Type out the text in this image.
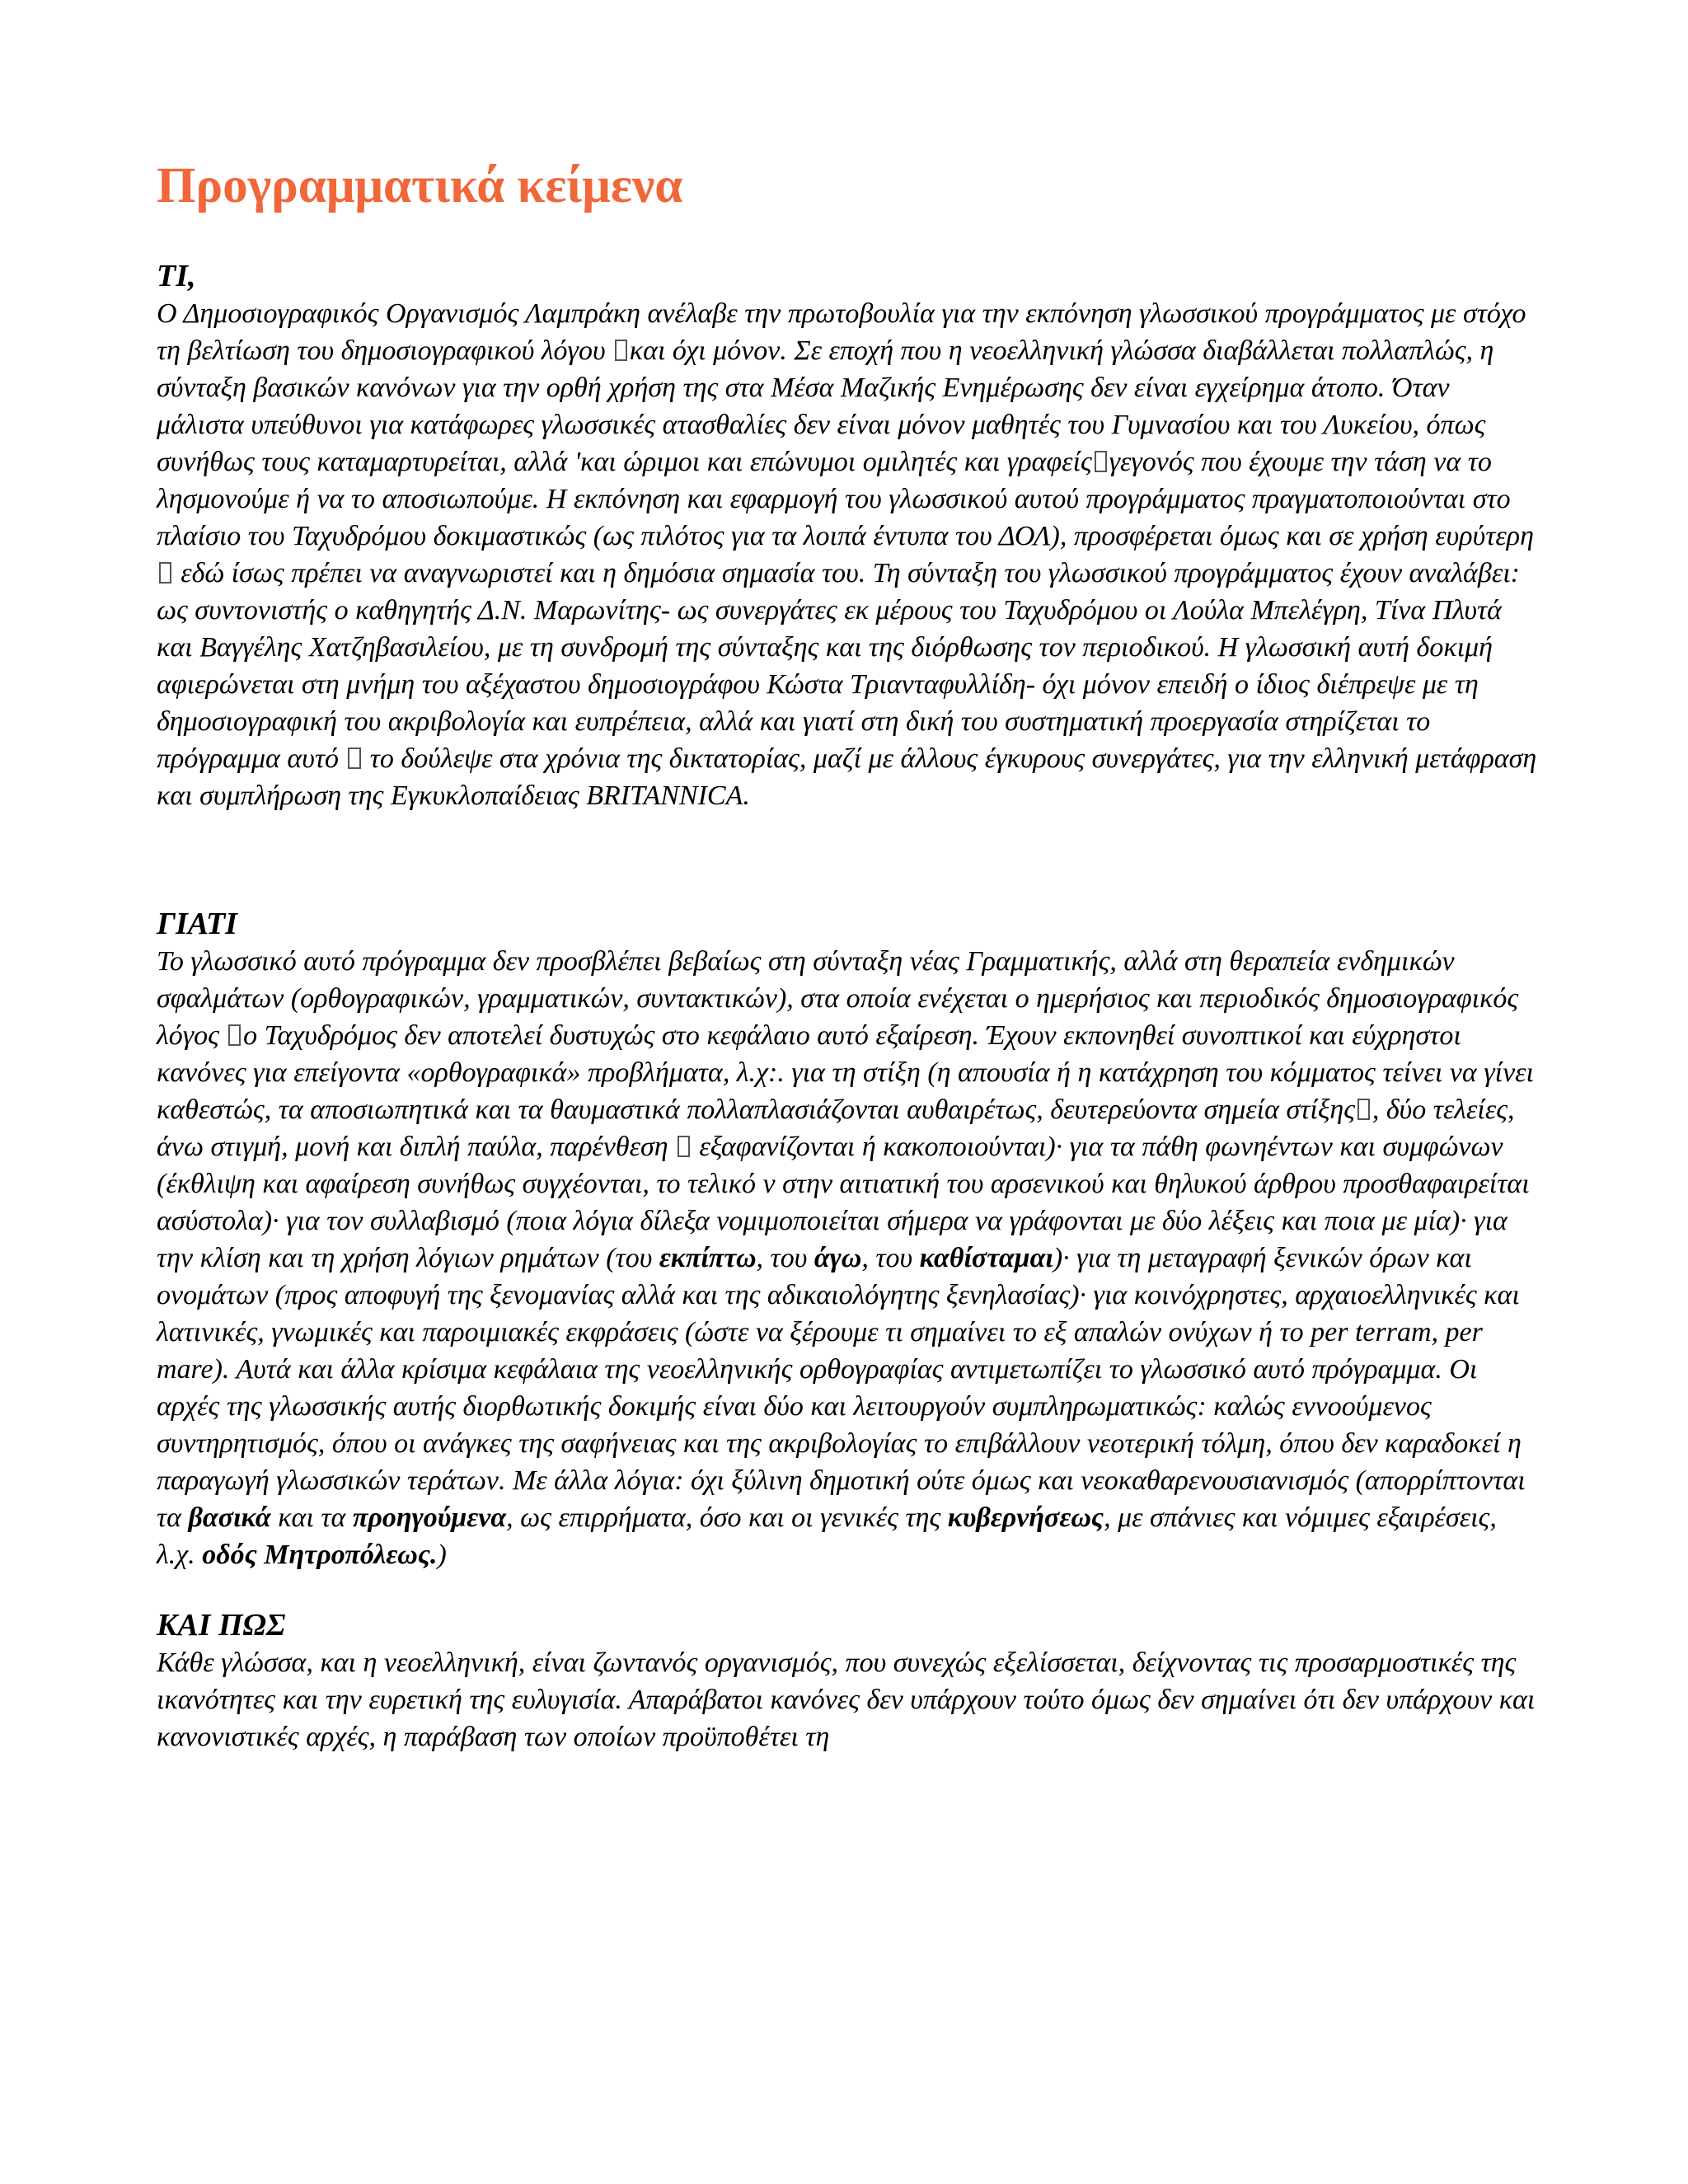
Προγραμματικά κείμενα
ΤΙ,

Ο Δημοσιογραφικός Οργανισμός Λαμπράκη ανέλαβε την πρωτοβουλία για την εκπόνηση γλωσσικού προγράμματος με στόχο τη βελτίωση του δημοσιογραφικού λόγου και όχι μόνον. Σε εποχή που η νεοελληνική γλώσσα διαβάλλεται πολλαπλώς, η σύνταξη βασικών κανόνων για την ορθή χρήση της στα Μέσα Μαζικής Ενημέρωσης δεν είναι εγχείρημα άτοπο. Όταν μάλιστα υπεύθυνοι για κατάφωρες γλωσσικές ατασθαλίες δεν είναι μόνον μαθητές του Γυμνασίου και του Λυκείου, όπως συνήθως τους καταμαρτυρείται, αλλά 'και ώριμοι και επώνυμοι ομιλητές και γραφείς γεγονός που έχουμε την τάση να το λησμονούμε ή να το αποσιωπούμε. Η εκπόνηση και εφαρμογή του γλωσσικού αυτού προγράμματος πραγματοποιούνται στο πλαίσιο του Ταχυδρόμου δοκιμαστικώς (ως πιλότος για τα λοιπά έντυπα του ΔΟΛ), προσφέρεται όμως και σε χρήση ευρύτερη  εδώ ίσως πρέπει να αναγνωριστεί και η δημόσια σημασία του. Τη σύνταξη του γλωσσικού προγράμματος έχουν αναλάβει: ως συντονιστής ο καθηγητής Δ.Ν. Μαρωνίτης- ως συνεργάτες εκ μέρους του Ταχυδρόμου οι Λούλα Μπελέγρη, Τίνα Πλυτά και Βαγγέλης Χατζηβασιλείου, με τη συνδρομή της σύνταξης και της διόρθωσης τον περιοδικού. Η γλωσσική αυτή δοκιμή αφιερώνεται στη μνήμη του αξέχαστου δημοσιογράφου Κώστα Τριανταφυλλίδη- όχι μόνον επειδή ο ίδιος διέπρεψε με τη δημοσιογραφική του ακριβολογία και ευπρέπεια, αλλά και γιατί στη δική του συστηματική προεργασία στηρίζεται το πρόγραμμα αυτό  το δούλεψε στα χρόνια της δικτατορίας, μαζί με άλλους έγκυρους συνεργάτες, για την ελληνική μετάφραση και συμπλήρωση της Εγκυκλοπαίδειας BRITANNICA.

ΓΙΑΤΙ

Το γλωσσικό αυτό πρόγραμμα δεν προσβλέπει βεβαίως στη σύνταξη νέας Γραμματικής, αλλά στη θεραπεία ενδημικών σφαλμάτων (ορθογραφικών, γραμματικών, συντακτικών), στα οποία ενέχεται ο ημερήσιος και περιοδικός δημοσιογραφικός λόγος ο Ταχυδρόμος δεν αποτελεί δυστυχώς στο κεφάλαιο αυτό εξαίρεση. Έχουν εκπονηθεί συνοπτικοί και εύχρηστοι κανόνες για επείγοντα «ορθογραφικά» προβλήματα, λ.χ:. για τη στίξη (η απουσία ή η κατάχρηση του κόμματος τείνει να γίνει καθεστώς, τα αποσιωπητικά και τα θαυμαστικά πολλαπλασιάζονται αυθαιρέτως, δευτερεύοντα σημεία στίξης , δύο τελείες, άνω στιγμή, μονή και διπλή παύλα, παρένθεση  εξαφανίζονται ή κακοποιούνται)· για τα πάθη φωνηέντων και συμφώνων (έκθλιψη και αφαίρεση συνήθως συγχέονται, το τελικό ν στην αιτιατική του αρσενικού και θηλυκού άρθρου προσθαφαιρείται ασύστολα)· για τον συλλαβισμό (ποια λόγια δίλεξα νομιμοποιείται σήμερα να γράφονται με δύο λέξεις και ποια με μία)· για την κλίση και τη χρήση λόγιων ρημάτων (του εκπίπτω, του άγω, του καθίσταμαι)· για τη μεταγραφή ξενικών όρων και ονομάτων (προς αποφυγή της ξενομανίας αλλά και της αδικαιολόγητης ξενηλασίας)· για κοινόχρηστες, αρχαιοελληνικές και λατινικές, γνωμικές και παροιμιακές εκφράσεις (ώστε να ξέρουμε τι σημαίνει το εξ απαλών ονύχων ή το per terram, per mare). Αυτά και άλλα κρίσιμα κεφάλαια της νεοελληνικής ορθογραφίας αντιμετωπίζει το γλωσσικό αυτό πρόγραμμα. Οι αρχές της γλωσσικής αυτής διορθωτικής δοκιμής είναι δύο και λειτουργούν συμπληρωματικώς: καλώς εννοούμενος συντηρητισμός, όπου οι ανάγκες της σαφήνειας και της ακριβολογίας το επιβάλλουν νεοτερική τόλμη, όπου δεν καραδοκεί η παραγωγή γλωσσικών τεράτων. Με άλλα λόγια: όχι ξύλινη δημοτική ούτε όμως και νεοκαθαρενουσιανισμός (απορρίπτονται τα βασικά και τα προηγούμενα, ως επιρρήματα, όσο και οι γενικές της κυβερνήσεως, με σπάνιες και νόμιμες εξαιρέσεις, λ.χ. οδός Μητροπόλεως.)

ΚΑΙ ΠΩΣ

Κάθε γλώσσα, και η νεοελληνική, είναι ζωντανός οργανισμός, που συνεχώς εξελίσσεται, δείχνοντας τις προσαρμοστικές της ικανότητες και την ευρετική της ευλυγισία. Απαράβατοι κανόνες δεν υπάρχουν τούτο όμως δεν σημαίνει ότι δεν υπάρχουν και κανονιστικές αρχές, η παράβαση των οποίων προϋποθέτει τη
